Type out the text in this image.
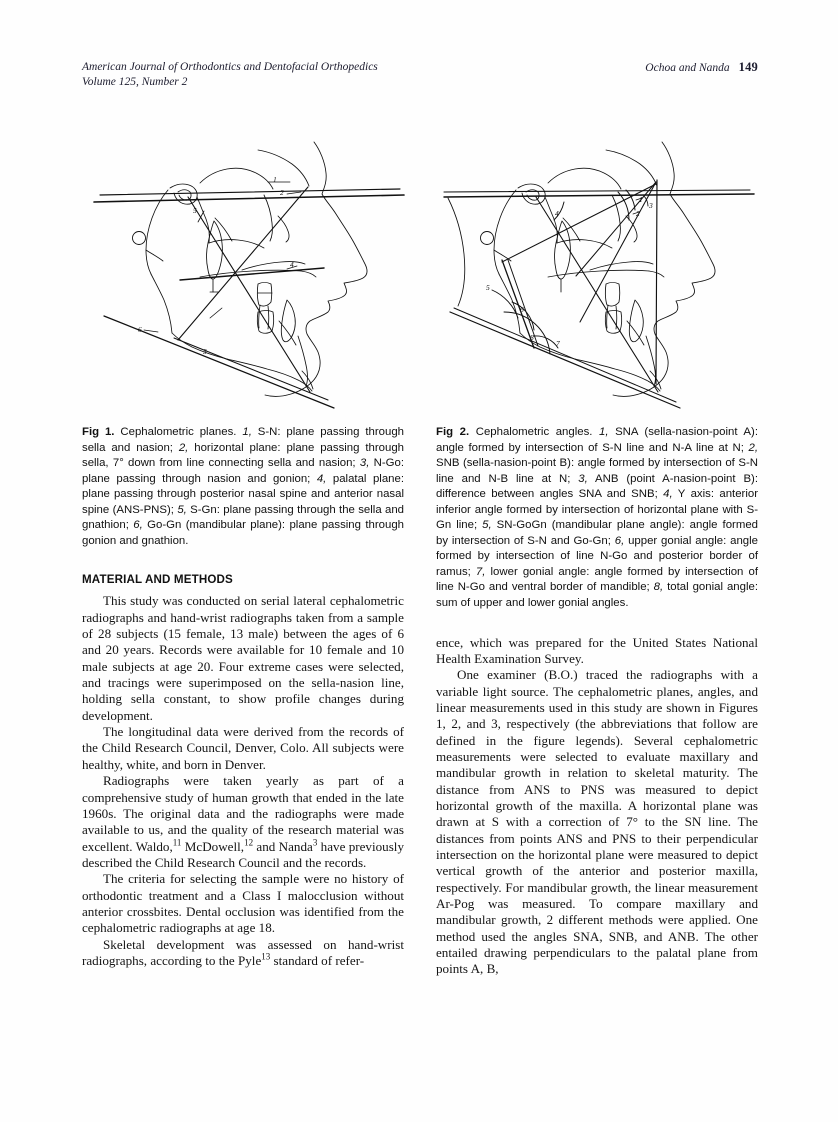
American Journal of Orthodontics and Dentofacial Orthopedics
Volume 125, Number 2
Ochoa and Nanda 149
1
2
3
4
5
6
1
2
3
4
5
6
7
8

Fig 1. Cephalometric planes. 1, S-N: plane passing through sella and nasion; 2, horizontal plane: plane passing through sella, 7° down from line connecting sella and nasion; 3, N-Go: plane passing through nasion and gonion; 4, palatal plane: plane passing through posterior nasal spine and anterior nasal spine (ANS-PNS); 5, S-Gn: plane passing through the sella and gnathion; 6, Go-Gn (mandibular plane): plane passing through gonion and gnathion.

MATERIAL AND METHODS

This study was conducted on serial lateral cephalometric radiographs and hand-wrist radiographs taken from a sample of 28 subjects (15 female, 13 male) between the ages of 6 and 20 years. Records were available for 10 female and 10 male subjects at age 20. Four extreme cases were selected, and tracings were superimposed on the sella-nasion line, holding sella constant, to show profile changes during development.

The longitudinal data were derived from the records of the Child Research Council, Denver, Colo. All subjects were healthy, white, and born in Denver.

Radiographs were taken yearly as part of a comprehensive study of human growth that ended in the late 1960s. The original data and the radiographs were made available to us, and the quality of the research material was excellent. Waldo,$^{11}$ McDowell,$^{12}$ and Nanda$^3$ have previously described the Child Research Council and the records.

The criteria for selecting the sample were no history of orthodontic treatment and a Class I malocclusion without anterior crossbites. Dental occlusion was identified from the cephalometric radiographs at age 18.

Skeletal development was assessed on hand-wrist radiographs, according to the Pyle$^{13}$ standard of refer-

Fig 2. Cephalometric angles. 1, SNA (sella-nasion-point A): angle formed by intersection of S-N line and N-A line at N; 2, SNB (sella-nasion-point B): angle formed by intersection of S-N line and N-B line at N; 3, ANB (point A-nasion-point B): difference between angles SNA and SNB; 4, Y axis: anterior inferior angle formed by intersection of horizontal plane with S-Gn line; 5, SN-GoGn (mandibular plane angle): angle formed by intersection of S-N and Go-Gn; 6, upper gonial angle: angle formed by intersection of line N-Go and posterior border of ramus; 7, lower gonial angle: angle formed by intersection of line N-Go and ventral border of mandible; 8, total gonial angle: sum of upper and lower gonial angles.

ence, which was prepared for the United States National Health Examination Survey.

One examiner (B.O.) traced the radiographs with a variable light source. The cephalometric planes, angles, and linear measurements used in this study are shown in Figures 1, 2, and 3, respectively (the abbreviations that follow are defined in the figure legends). Several cephalometric measurements were selected to evaluate maxillary and mandibular growth in relation to skeletal maturity. The distance from ANS to PNS was measured to depict horizontal growth of the maxilla. A horizontal plane was drawn at S with a correction of 7° to the SN line. The distances from points ANS and PNS to their perpendicular intersection on the horizontal plane were measured to depict vertical growth of the anterior and posterior maxilla, respectively. For mandibular growth, the linear measurement Ar-Pog was measured. To compare maxillary and mandibular growth, 2 different methods were applied. One method used the angles SNA, SNB, and ANB. The other entailed drawing perpendiculars to the palatal plane from points A, B,
